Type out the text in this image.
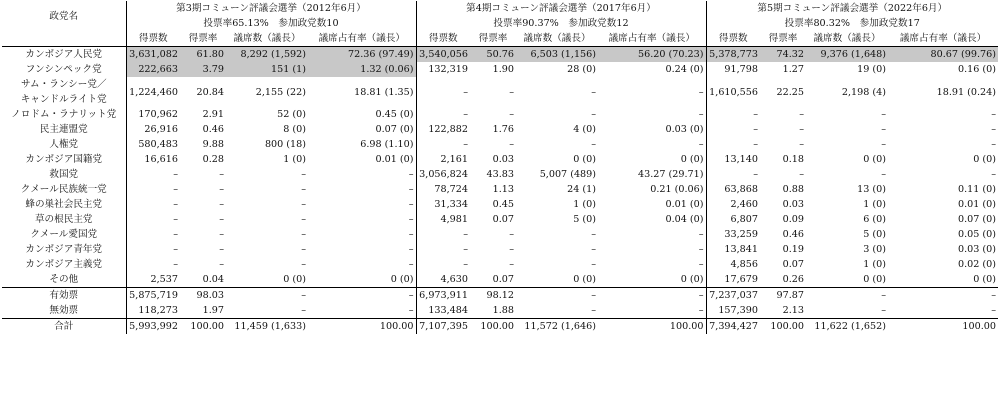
政党名	第3期コミューン評議会選挙（2012年6月）				第4期コミューン評議会選挙（2017年6月）				第5期コミューン評議会選挙（2022年6月）			
	投票率65.13%　参加政党数10				投票率90.37%　参加政党数12				投票率80.32%　参加政党数17			
	得票数	得票率	議席数（議長）	議席占有率（議長）	得票数	得票率	議席数（議長）	議席占有率（議長）	得票数	得票率	議席数（議長）	議席占有率（議長）
カンボジア人民党	3,631,082	61.80	8,292 (1,592)	72.36 (97.49)	3,540,056	50.76	6,503 (1,156)	56.20 (70.23)	5,378,773	74.32	9,376 (1,648)	80.67 (99.76)
フンシンペック党	222,663	3.79	151 (1)	1.32 (0.06)	132,319	1.90	28 (0)	0.24 (0)	91,798	1.27	19 (0)	0.16 (0)

サム・ランシー党／
キャンドルライト党	1,224,460	20.84	2,155 (22)	18.81 (1.35)	–	–	–	–	1,610,556	22.25	2,198 (4)	18.91 (0.24)
ノロドム・ラナリット党	170,962	2.91	52 (0)	0.45 (0)	–	–	–	–	–	–	–	–
民主連盟党	26,916	0.46	8 (0)	0.07 (0)	122,882	1.76	4 (0)	0.03 (0)	–	–	–	–
人権党	580,483	9.88	800 (18)	6.98 (1.10)	–	–	–	–	–	–	–	–
カンボジア国籍党	16,616	0.28	1 (0)	0.01 (0)	2,161	0.03	0 (0)	0 (0)	13,140	0.18	0 (0)	0 (0)
救国党	–	–	–	–	3,056,824	43.83	5,007 (489)	43.27 (29.71)	–	–	–	–
クメール民族統一党	–	–	–	–	78,724	1.13	24 (1)	0.21 (0.06)	63,868	0.88	13 (0)	0.11 (0)
蜂の巣社会民主党	–	–	–	–	31,334	0.45	1 (0)	0.01 (0)	2,460	0.03	1 (0)	0.01 (0)
草の根民主党	–	–	–	–	4,981	0.07	5 (0)	0.04 (0)	6,807	0.09	6 (0)	0.07 (0)
クメール愛国党	–	–	–	–	–	–	–	–	33,259	0.46	5 (0)	0.05 (0)
カンボジア青年党	–	–	–	–	–	–	–	–	13,841	0.19	3 (0)	0.03 (0)
カンボジア主義党	–	–	–	–	–	–	–	–	4,856	0.07	1 (0)	0.02 (0)
その他	2,537	0.04	0 (0)	0 (0)	4,630	0.07	0 (0)	0 (0)	17,679	0.26	0 (0)	0 (0)
有効票	5,875,719	98.03	–	–	6,973,911	98.12	–	–	7,237,037	97.87	–	–
無効票	118,273	1.97	–	–	133,484	1.88	–	–	157,390	2.13	–	–
合計	5,993,992	100.00	11,459 (1,633)	100.00	7,107,395	100.00	11,572 (1,646)	100.00	7,394,427	100.00	11,622 (1,652)	100.00
